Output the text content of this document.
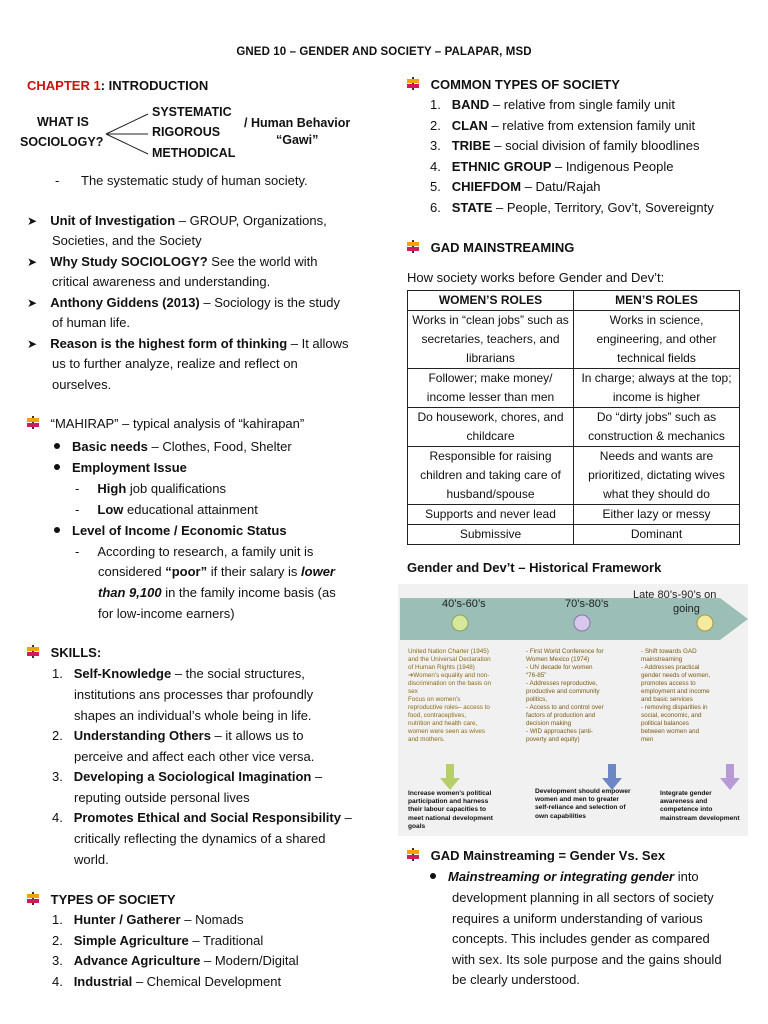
GNED 10 – GENDER AND SOCIETY – PALAPAR, MSD
CHAPTER 1: INTRODUCTION
WHAT IS
SOCIOLOGY?
SYSTEMATIC
RIGOROUS
METHODICAL
/ Human Behavior
“Gawi”
-      The systematic study of human society.
➤ Unit of Investigation – GROUP, Organizations,
Societies, and the Society
➤ Why Study SOCIOLOGY? See the world with
critical awareness and understanding.
➤ Anthony Giddens (2013) – Sociology is the study
of human life.
➤ Reason is the highest form of thinking – It allows
us to further analyze, realize and reflect on
ourselves.
“MAHIRAP” – typical analysis of “kahirapan”
Basic needs – Clothes, Food, Shelter
Employment Issue
-     High job qualifications
-     Low educational attainment
Level of Income / Economic Status
-     According to research, a family unit is
considered “poor” if their salary is lower
than 9,100 in the family income basis (as
for low-income earners)
SKILLS:
1. Self-Knowledge – the social structures,
institutions ans processes thar profoundly
shapes an individual’s whole being in life.
2. Understanding Others – it allows us to
perceive and affect each other vice versa.
3. Developing a Sociological Imagination –
reputing outside personal lives
4. Promotes Ethical and Social Responsibility –
critically reflecting the dynamics of a shared
world.
TYPES OF SOCIETY
1. Hunter / Gatherer – Nomads
2. Simple Agriculture – Traditional
3. Advance Agriculture – Modern/Digital
4. Industrial – Chemical Development
COMMON TYPES OF SOCIETY
1. BAND – relative from single family unit
2. CLAN – relative from extension family unit
3. TRIBE – social division of family bloodlines
4. ETHNIC GROUP – Indigenous People
5. CHIEFDOM – Datu/Rajah
6. STATE – People, Territory, Gov’t, Sovereignty
GAD MAINSTREAMING
How society works before Gender and Dev’t:
WOMEN’S ROLES	MEN’S ROLES
Works in “clean jobs” such as secretaries, teachers, and librarians	Works in science, engineering, and other technical fields
Follower; make money/ income lesser than men	In charge; always at the top; income is higher
Do housework, chores, and childcare	Do “dirty jobs” such as construction & mechanics
Responsible for raising children and taking care of husband/spouse	Needs and wants are prioritized, dictating wives what they should do
Supports and never lead	Either lazy or messy
Submissive	Dominant
Gender and Dev’t – Historical Framework
40’s-60’s	70’s-80’s
Late 80’s-90’s on
going
United Nation Charter (1945)
and the Universal Declaration
of Human Rights (1948)
➔Women’s equality and non-
discrimination on the basis on
sex
Focus on women’s
reproductive roles– access to
food, contraceptives,
nutrition and health care,
women were seen as wives
and mothers.
- First World Conference for
Women Mexico (1974)
- UN decade for women
“76-85”
- Addresses reproductive,
productive and community
politics,
- Access to and control over
factors of production and
decision making
- WID approaches (anti-
poverty and equity)
- Shift towards GAD
mainstreaming
- Addresses practical
gender needs of women,
promotes access to
employment and income
and basic services
- removing disparities in
social, economic, and
political balances
between women and
men
Increase women’s political
participation and harness
their labour capacities to
meet national development
goals
Development should empower
women and men to greater
self-reliance and selection of
own capabilities
Integrate gender
awareness and
competence into
mainstream development
GAD Mainstreaming = Gender Vs. Sex
Mainstreaming or integrating gender into
development planning in all sectors of society
requires a uniform understanding of various
concepts. This includes gender as compared
with sex. Its sole purpose and the gains should
be clearly understood.
